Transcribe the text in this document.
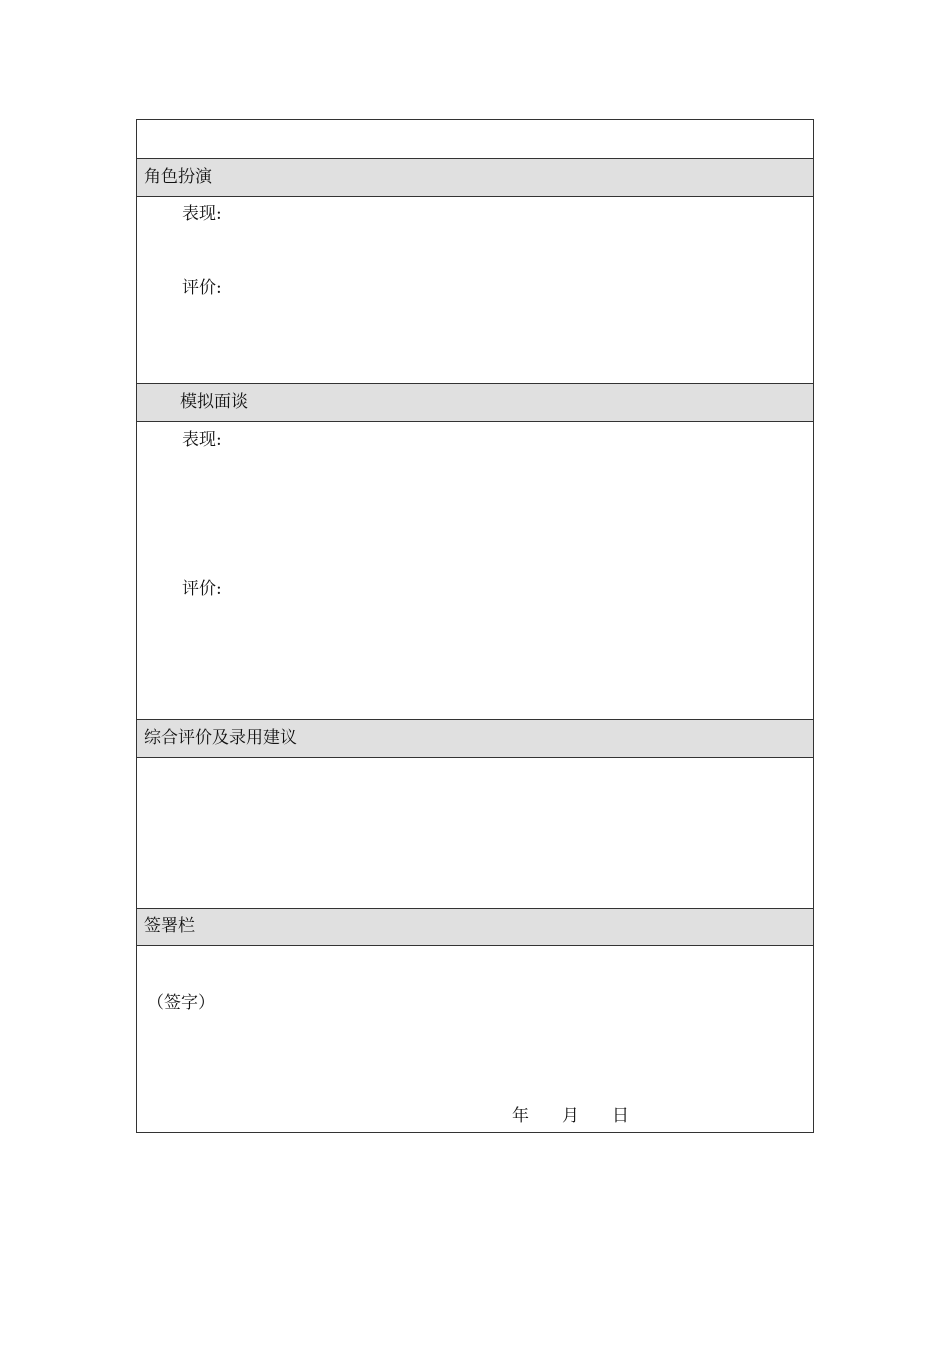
角色扮演
表现:
评价:
模拟面谈
表现:
评价:
综合评价及录用建议
签署栏
（签字）
年 月 日
